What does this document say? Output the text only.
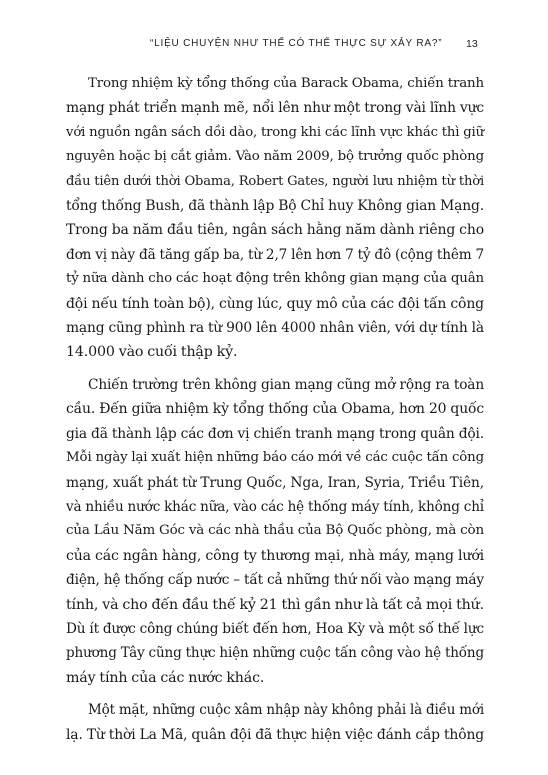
“LIỆU CHUYỆN NHƯ THẾ CÓ THỂ THỰC SỰ XẢY RA?” 13

Trong nhiệm kỳ tổng thống của Barack Obama, chiến tranh
mạng phát triển mạnh mẽ, nổi lên như một trong vài lĩnh vực
với nguồn ngân sách dồi dào, trong khi các lĩnh vực khác thì giữ
nguyên hoặc bị cắt giảm. Vào năm 2009, bộ trưởng quốc phòng
đầu tiên dưới thời Obama, Robert Gates, người lưu nhiệm từ thời
tổng thống Bush, đã thành lập Bộ Chỉ huy Không gian Mạng.
Trong ba năm đầu tiên, ngân sách hằng năm dành riêng cho
đơn vị này đã tăng gấp ba, từ 2,7 lên hơn 7 tỷ đô (cộng thêm 7
tỷ nữa dành cho các hoạt động trên không gian mạng của quân
đội nếu tính toàn bộ), cùng lúc, quy mô của các đội tấn công
mạng cũng phình ra từ 900 lên 4000 nhân viên, với dự tính là
14.000 vào cuối thập kỷ.

Chiến trường trên không gian mạng cũng mở rộng ra toàn
cầu. Đến giữa nhiệm kỳ tổng thống của Obama, hơn 20 quốc
gia đã thành lập các đơn vị chiến tranh mạng trong quân đội.
Mỗi ngày lại xuất hiện những báo cáo mới về các cuộc tấn công
mạng, xuất phát từ Trung Quốc, Nga, Iran, Syria, Triều Tiên,
và nhiều nước khác nữa, vào các hệ thống máy tính, không chỉ
của Lầu Năm Góc và các nhà thầu của Bộ Quốc phòng, mà còn
của các ngân hàng, công ty thương mại, nhà máy, mạng lưới
điện, hệ thống cấp nước – tất cả những thứ nối vào mạng máy
tính, và cho đến đầu thế kỷ 21 thì gần như là tất cả mọi thứ.
Dù ít được công chúng biết đến hơn, Hoa Kỳ và một số thế lực
phương Tây cũng thực hiện những cuộc tấn công vào hệ thống
máy tính của các nước khác.

Một mặt, những cuộc xâm nhập này không phải là điều mới
lạ. Từ thời La Mã, quân đội đã thực hiện việc đánh cắp thông
